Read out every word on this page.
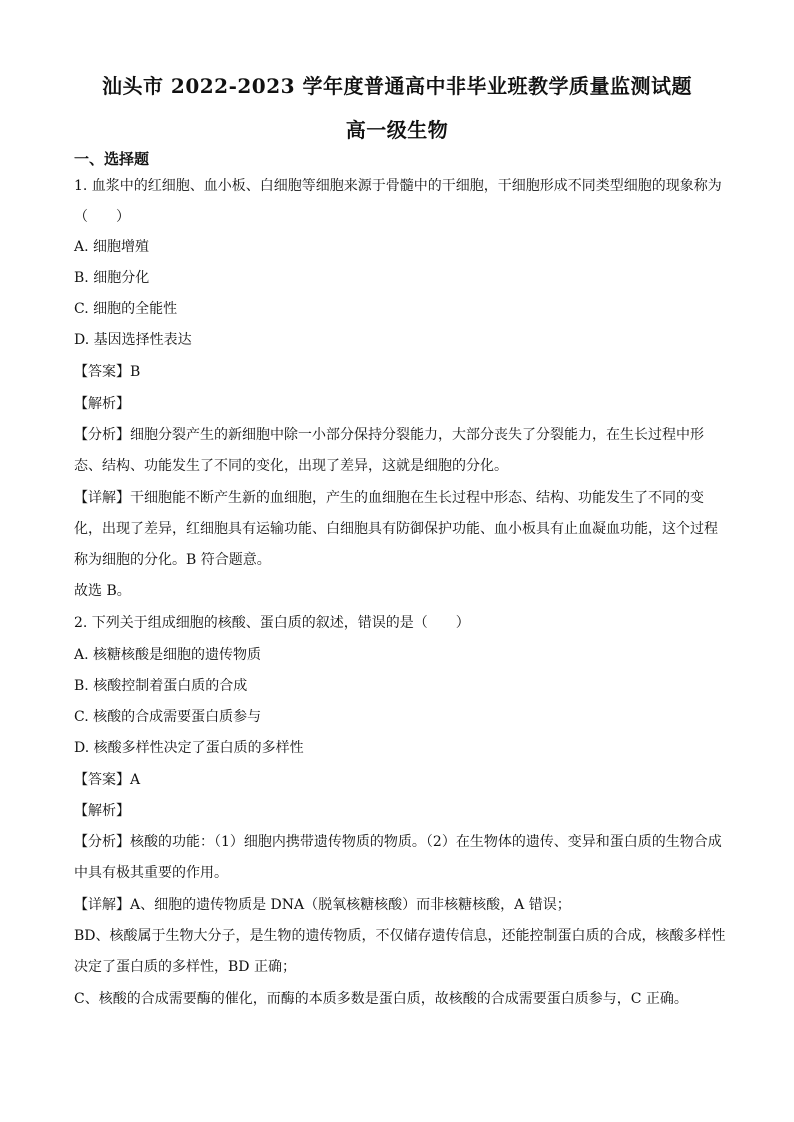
汕头市 2022-2023 学年度普通高中非毕业班教学质量监测试题
高一级生物
一、选择题
1. 血浆中的红细胞、血小板、白细胞等细胞来源于骨髓中的干细胞，干细胞形成不同类型细胞的现象称为
（　　）
A. 细胞增殖
B. 细胞分化
C. 细胞的全能性
D. 基因选择性表达
【答案】B
【解析】
【分析】细胞分裂产生的新细胞中除一小部分保持分裂能力，大部分丧失了分裂能力，在生长过程中形
态、结构、功能发生了不同的变化，出现了差异，这就是细胞的分化。
【详解】干细胞能不断产生新的血细胞，产生的血细胞在生长过程中形态、结构、功能发生了不同的变
化，出现了差异，红细胞具有运输功能、白细胞具有防御保护功能、血小板具有止血凝血功能，这个过程
称为细胞的分化。B 符合题意。
故选 B。
2. 下列关于组成细胞的核酸、蛋白质的叙述，错误的是（　　）
A. 核糖核酸是细胞的遗传物质
B. 核酸控制着蛋白质的合成
C. 核酸的合成需要蛋白质参与
D. 核酸多样性决定了蛋白质的多样性
【答案】A
【解析】
【分析】核酸的功能：（1）细胞内携带遗传物质的物质。（2）在生物体的遗传、变异和蛋白质的生物合成
中具有极其重要的作用。
【详解】A、细胞的遗传物质是 DNA（脱氧核糖核酸）而非核糖核酸，A 错误；
BD、核酸属于生物大分子，是生物的遗传物质，不仅储存遗传信息，还能控制蛋白质的合成，核酸多样性
决定了蛋白质的多样性，BD 正确；
C、核酸的合成需要酶的催化，而酶的本质多数是蛋白质，故核酸的合成需要蛋白质参与，C 正确。
